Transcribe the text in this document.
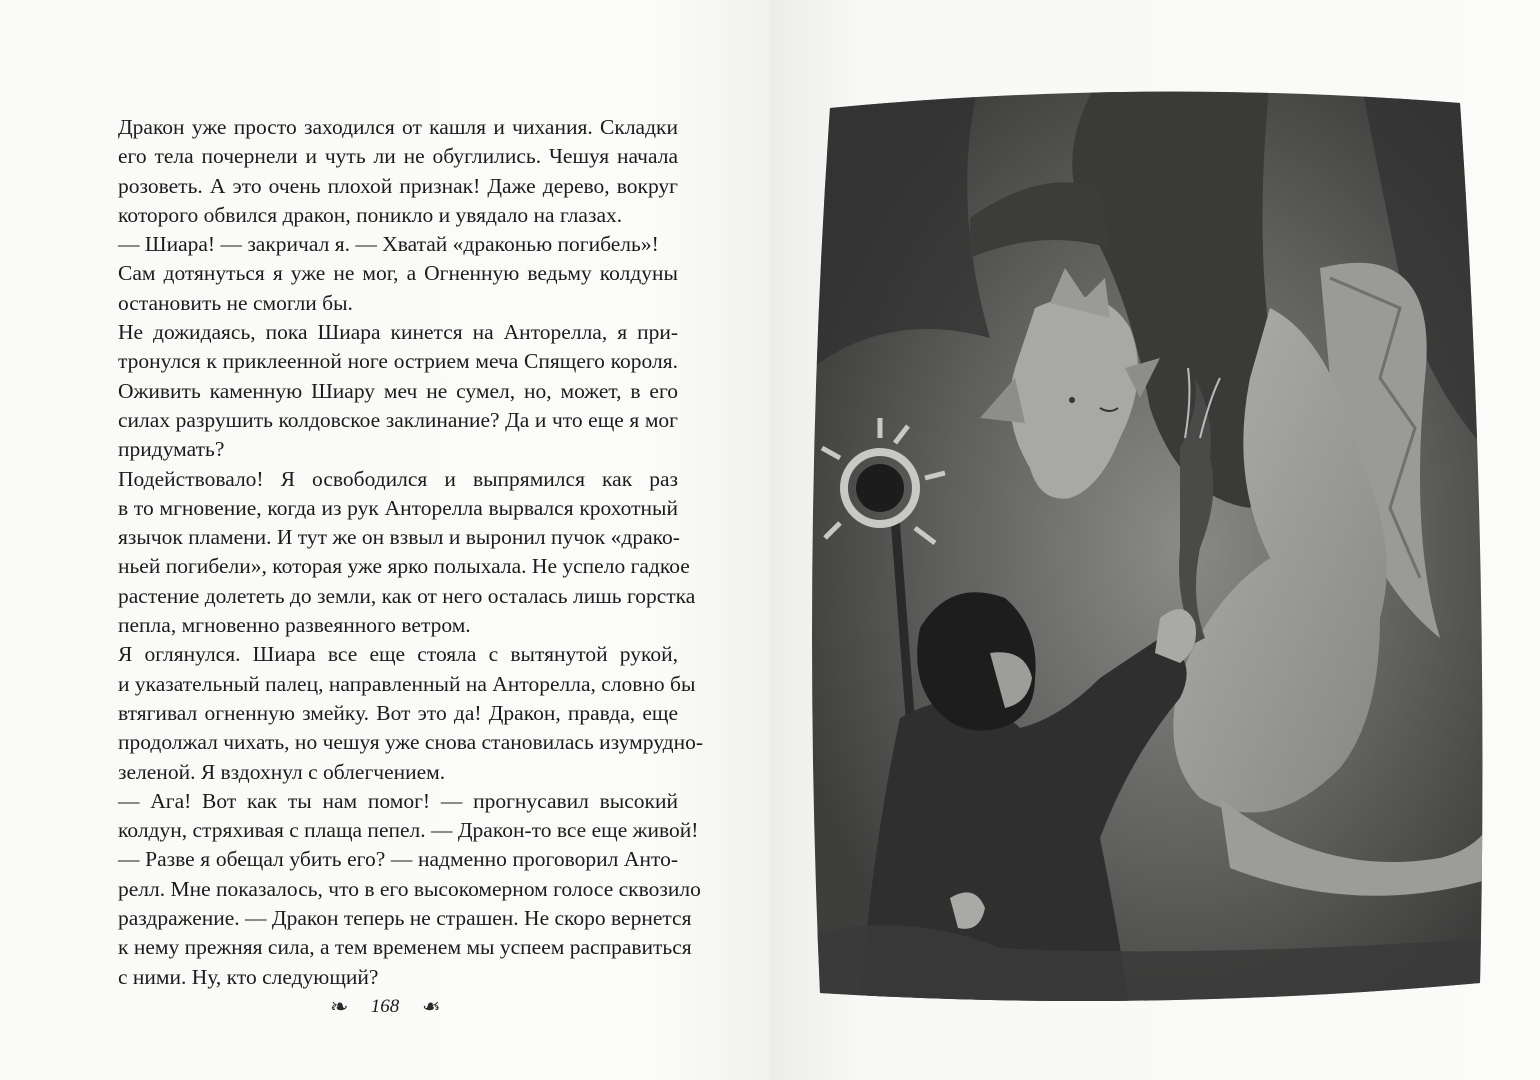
Дракон уже просто заходился от кашля и чихания. Складки
его тела почернели и чуть ли не обуглились. Чешуя начала
розоветь. А это очень плохой признак! Даже дерево, вокруг
которого обвился дракон, поникло и увядало на глазах.
— Шиара! — закричал я. — Хватай «драконью погибель»!
Сам дотянуться я уже не мог, а Огненную ведьму колдуны
остановить не смогли бы.
Не дожидаясь, пока Шиара кинется на Анторелла, я при-
тронулся к приклеенной ноге острием меча Спящего короля.
Оживить каменную Шиару меч не сумел, но, может, в его
силах разрушить колдовское заклинание? Да и что еще я мог
придумать?
Подействовало! Я освободился и выпрямился как раз
в то мгновение, когда из рук Анторелла вырвался крохотный
язычок пламени. И тут же он взвыл и выронил пучок «драко-
ньей погибели», которая уже ярко полыхала. Не успело гадкое
растение долететь до земли, как от него осталась лишь горстка
пепла, мгновенно развеянного ветром.
Я оглянулся. Шиара все еще стояла с вытянутой рукой,
и указательный палец, направленный на Анторелла, словно бы
втягивал огненную змейку. Вот это да! Дракон, правда, еще
продолжал чихать, но чешуя уже снова становилась изумрудно-
зеленой. Я вздохнул с облегчением.
— Ага! Вот как ты нам помог! — прогнусавил высокий
колдун, стряхивая с плаща пепел. — Дракон-то все еще живой!
— Разве я обещал убить его? — надменно проговорил Анто-
релл. Мне показалось, что в его высокомерном голосе сквозило
раздражение. — Дракон теперь не страшен. Не скоро вернется
к нему прежняя сила, а тем временем мы успеем расправиться
с ними. Ну, кто следующий?
❧ 168 ❧
